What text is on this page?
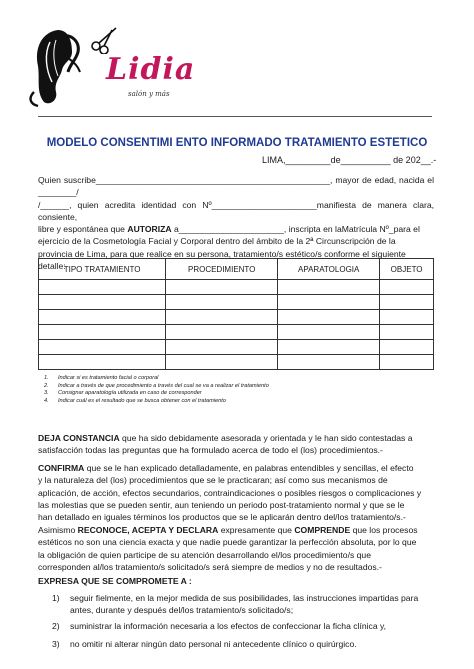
Lidia
salón y más
MODELO CONSENTIMI ENTO INFORMADO TRATAMIENTO ESTETICO
LIMA,_________de__________ de 202__.-
Quien suscribe_________________________________________________, mayor de edad, nacida el ________/
/______, quien acredita identidad con Nº______________________manifiesta de manera clara, consiente,
libre y espontánea que AUTORIZA a______________________, inscripta en laMatrícula Nº_para el
ejercicio de la Cosmetología Facial y Corporal dentro del ámbito de la 2ª Circunscripción de la
provincia de Lima, para que realice en su persona, tratamiento/s estético/s conforme el siguiente
detalle:
TIPO TRATAMIENTO	PROCEDIMIENTO	APARATOLOGIA	OBJETO

1. Indicar si es tratamiento facial o corporal
2. Indicar a través de que procedimiento a través del cual se va a realizar el tratamiento
3. Consignar aparatología utilizada en caso de corresponder
4. Indicar cuál es el resultado que se busca obtener con el tratamiento
DEJA CONSTANCIA que ha sido debidamente asesorada y orientada y le han sido contestadas a
satisfacción todas las preguntas que ha formulado acerca de todo el (los) procedimientos.-
CONFIRMA que se le han explicado detalladamente, en palabras entendibles y sencillas, el efecto
y la naturaleza del (los) procedimientos que se le practicaran; así como sus mecanismos de
aplicación, de acción, efectos secundarios, contraindicaciones o posibles riesgos o complicaciones y
las molestias que se pueden sentir, aun teniendo un periodo post-tratamiento normal y que se le
han detallado en iguales términos los productos que se le aplicarán dentro del/los tratamiento/s.-
Asimismo RECONOCE, ACEPTA Y DECLARA expresamente que COMPRENDE que los procesos
estéticos no son una ciencia exacta y que nadie puede garantizar la perfección absoluta, por lo que
la obligación de quien participe de su atención desarrollando el/los procedimiento/s que
corresponden al/los tratamiento/s solicitado/s será siempre de medios y no de resultados.-
EXPRESA QUE SE COMPROMETE A :
1) seguir fielmente, en la mejor medida de sus posibilidades, las instrucciones impartidas para
antes, durante y después del/los tratamiento/s solicitado/s;
2) suministrar la información necesaria a los efectos de confeccionar la ficha clínica y,
3) no omitir ni alterar ningún dato personal ni antecedente clínico o quirúrgico.
